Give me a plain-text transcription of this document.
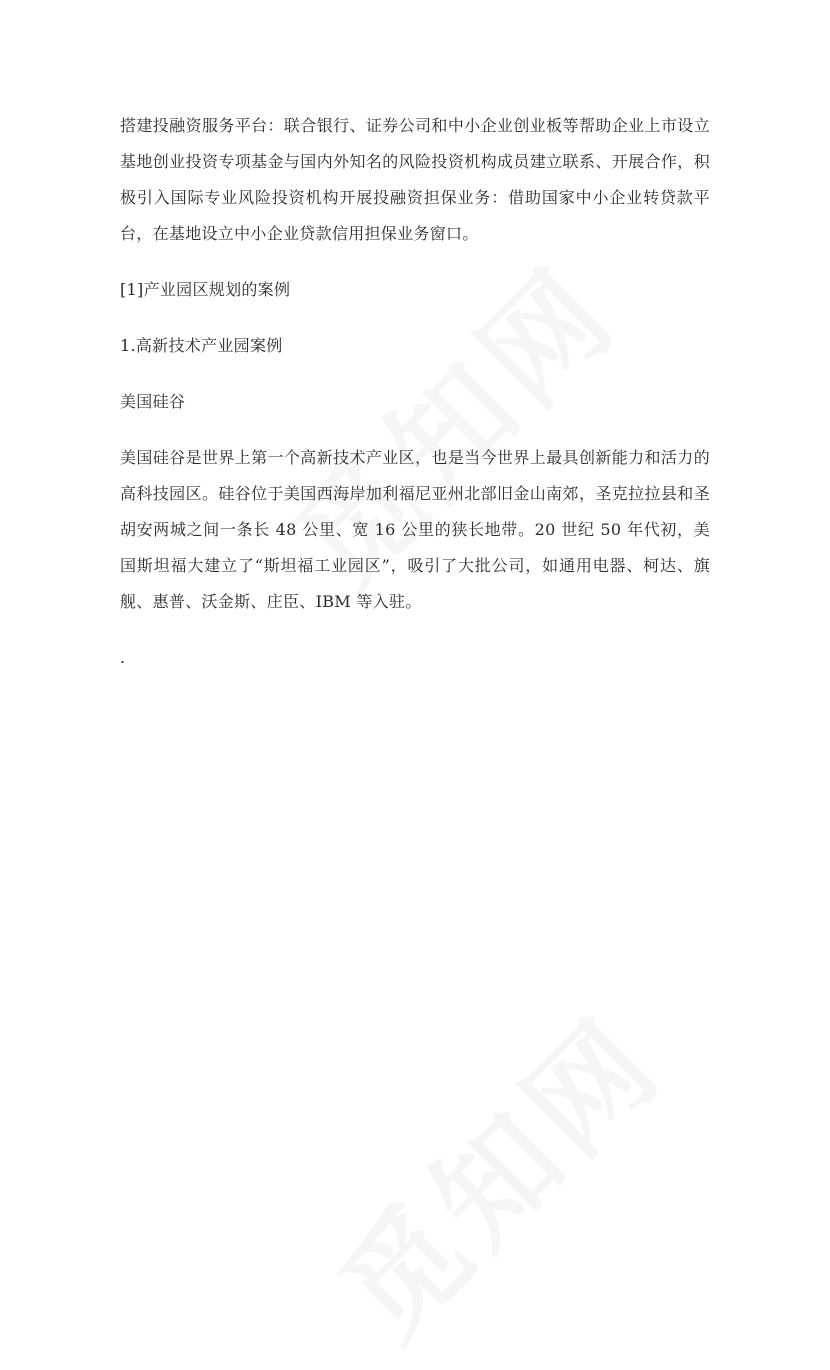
搭建投融资服务平台：联合银行、证券公司和中小企业创业板等帮助企业上市设立基地创业投资专项基金与国内外知名的风险投资机构成员建立联系、开展合作，积极引入国际专业风险投资机构开展投融资担保业务：借助国家中小企业转贷款平台，在基地设立中小企业贷款信用担保业务窗口。

[1]产业园区规划的案例

1.高新技术产业园案例

美国硅谷

美国硅谷是世界上第一个高新技术产业区，也是当今世界上最具创新能力和活力的高科技园区。硅谷位于美国西海岸加利福尼亚州北部旧金山南郊，圣克拉拉县和圣胡安两城之间一条长 48 公里、宽 16 公里的狭长地带。20 世纪 50 年代初，美国斯坦福大建立了“斯坦福工业园区”，吸引了大批公司，如通用电器、柯达、旗舰、惠普、沃金斯、庄臣、IBM 等入驻。

.
